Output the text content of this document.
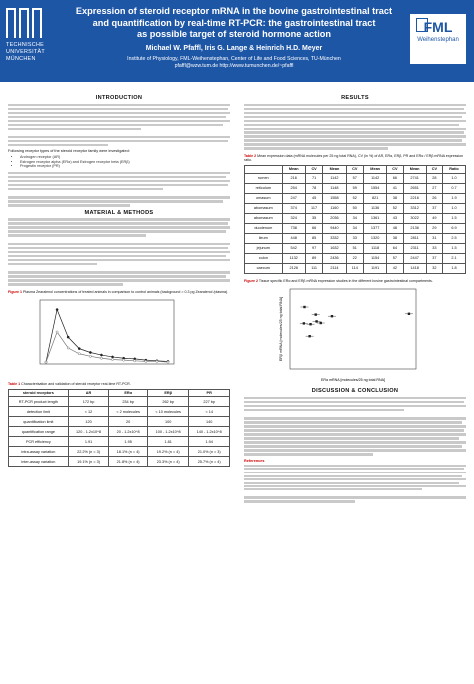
TECHNISCHE
UNIVERSITÄT
MÜNCHEN
Expression of steroid receptor mRNA in the bovine gastrointestinal tract
and quantification by real-time RT-PCR: the gastrointestinal tract
as possible target of steroid hormone action
Michael W. Pfaffl, Iris G. Lange & Heinrich H.D. Meyer
Institute of Physiology, FML-Weihenstephan, Center of Life and Food Sciences, TU-München
pfaffl@wzw.tum.de http://www.tumunchen.de/~pfaffl
FML
Weihenstephan
INTRODUCTION
Following receptor types of the steroid receptor family were investigated:
• Androgen receptor (AR)
• Estrogen receptor alpha (ERα) and Estrogen receptor beta (ERβ)
• Progestin receptor (PR)
MATERIAL & METHODS
Figure 1 Plasma Zearalenol concentrations of treated animals in comparison to control animals (background = 0.3 pg Zearalenol /plasma).
Table 1 Characterisation and validation of steroid receptor real-time RT-PCR.
steroid receptors	AR	ERα	ERβ	PR
RT-PCR product length	172 bp	234 bp	262 bp	227 bp
detection limit	< 12	< 2 molecules	< 10 molecules	< 14
quantification limit	120	20	100	140
quantification range	120 - 1.2x10^8	20 - 1.2x10^8	100 - 1.2x10^8	140 - 1.2x10^8
PCR efficiency	1.91	1.95	1.81	1.94
intra-assay variation	22.2% (n = 3)	18.1% (n = 4)	19.2% (n = 4)	21.0% (n = 3)
inter-assay variation	19.1% (n = 3)	21.8% (n = 4)	23.3% (n = 4)	25.7% (n = 4)
RESULTS
Table 2 Mean expression data (mRNA molecules per 25 ng total RNA), CV (in %) of AR, ERα, ERβ, PR and ERα / ERβ mRNA expression ratio.
	Mean	CV	Mean	CV	Mean	CV	Mean	CV	Ratio
rumen	216	71	1142	57	1142	66	2741	28	1.0
reticulum	254	78	1148	59	1554	41	2651	27	0.7
omasum	247	45	1558	52	821	38	2216	26	1.9
abomasum	374	117	1160	50	1136	52	3312	37	1.0
abomasum	324	35	2036	34	1361	43	3022	49	1.5
duodenum	738	66	9440	34	1377	48	2136	29	6.9
ileum	448	85	3332	33	1320	38	2811	31	2.5
jejunum	542	97	1632	51	1118	64	2311	33	1.5
colon	1132	89	2436	22	1154	57	2447	37	2.1
caecum	2126	111	2114	114	1191	42	1418	32	1.8
Figure 2 Tissue specific ERα and ERβ mRNA expression studies in the different bovine gastrointestinal compartments.
ERα mRNA [molecules/25 ng total RNA]
ERβ mRNA [molecules/25 ng total RNA]
DISCUSSION & CONCLUSION
References
